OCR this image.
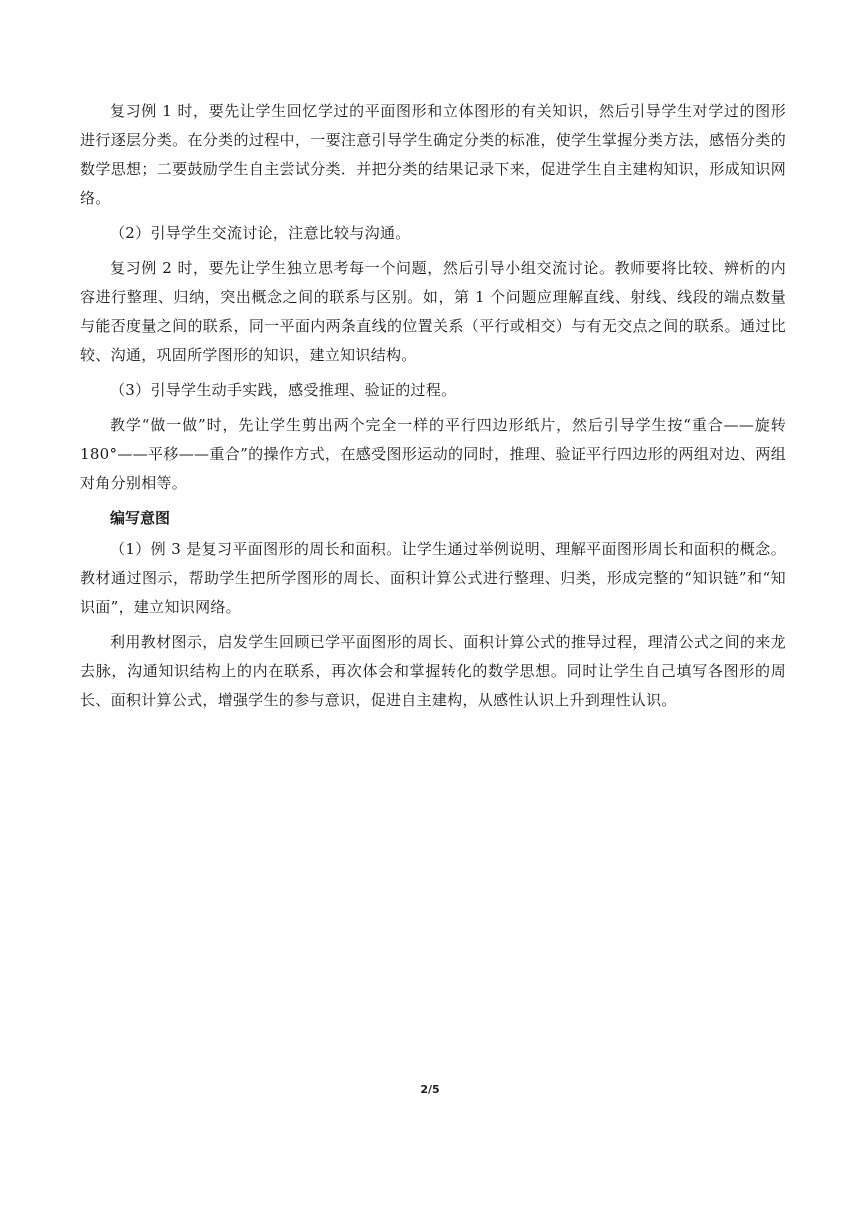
复习例 1 时，要先让学生回忆学过的平面图形和立体图形的有关知识，然后引导学生对学过的图形进行逐层分类。在分类的过程中，一要注意引导学生确定分类的标准，使学生掌握分类方法，感悟分类的数学思想；二要鼓励学生自主尝试分类．并把分类的结果记录下来，促进学生自主建构知识，形成知识网络。

（2）引导学生交流讨论，注意比较与沟通。

复习例 2 时，要先让学生独立思考每一个问题，然后引导小组交流讨论。教师要将比较、辨析的内容进行整理、归纳，突出概念之间的联系与区别。如，第 1 个问题应理解直线、射线、线段的端点数量与能否度量之间的联系，同一平面内两条直线的位置关系（平行或相交）与有无交点之间的联系。通过比较、沟通，巩固所学图形的知识，建立知识结构。

（3）引导学生动手实践，感受推理、验证的过程。

教学“做一做”时，先让学生剪出两个完全一样的平行四边形纸片，然后引导学生按“重合——旋转 180°——平移——重合”的操作方式，在感受图形运动的同时，推理、验证平行四边形的两组对边、两组对角分别相等。

编写意图

（1）例 3 是复习平面图形的周长和面积。让学生通过举例说明、理解平面图形周长和面积的概念。教材通过图示，帮助学生把所学图形的周长、面积计算公式进行整理、归类，形成完整的“知识链”和“知识面”，建立知识网络。

利用教材图示，启发学生回顾已学平面图形的周长、面积计算公式的推导过程，理清公式之间的来龙去脉，沟通知识结构上的内在联系，再次体会和掌握转化的数学思想。同时让学生自己填写各图形的周长、面积计算公式，增强学生的参与意识，促进自主建构，从感性认识上升到理性认识。

2/5
